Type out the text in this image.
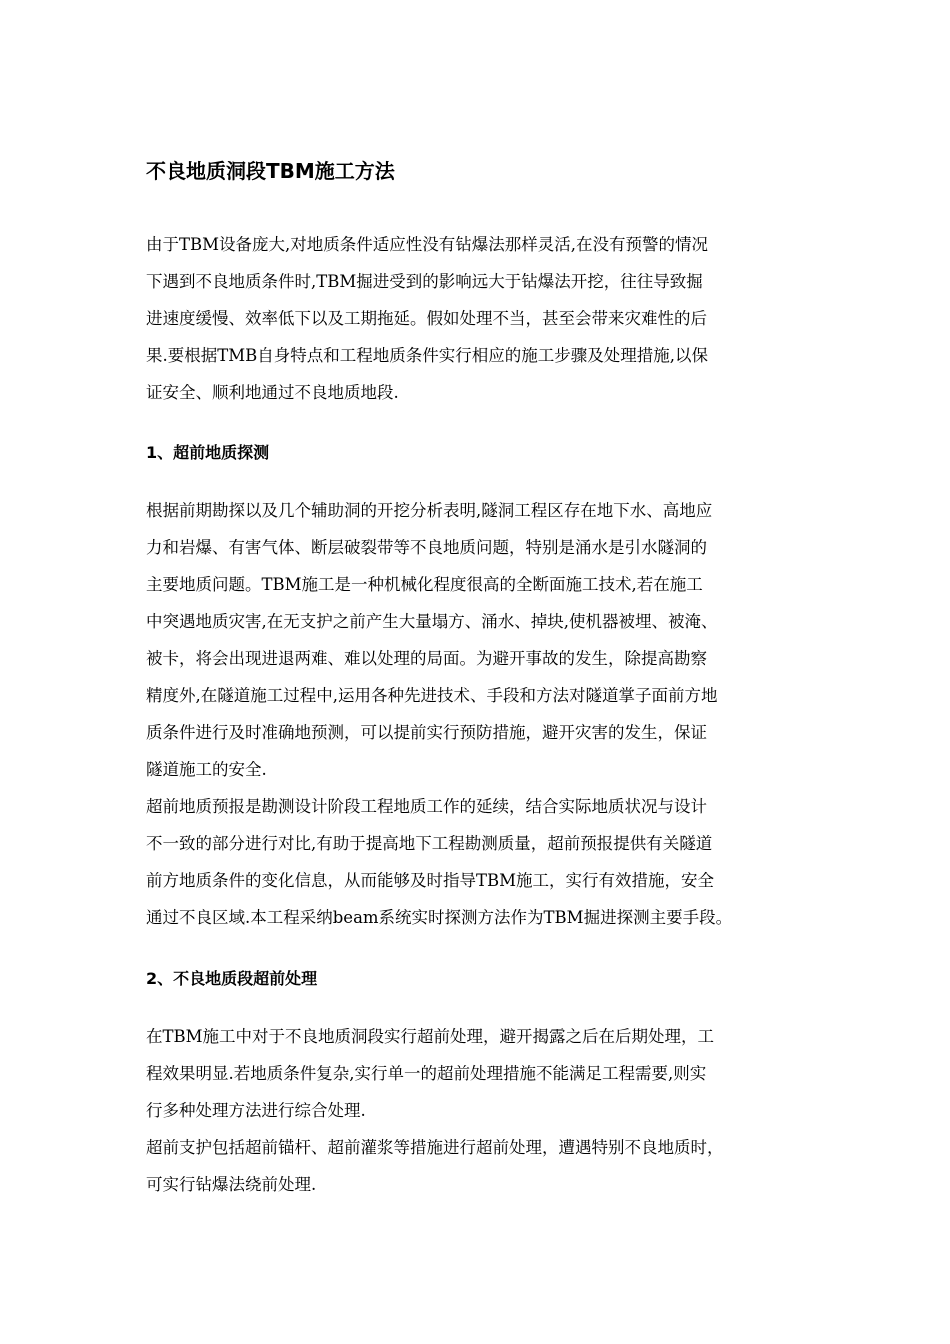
不良地质洞段TBM施工方法
由于TBM设备庞大,对地质条件适应性没有钻爆法那样灵活,在没有预警的情况
下遇到不良地质条件时,TBM掘进受到的影响远大于钻爆法开挖，往往导致掘
进速度缓慢、效率低下以及工期拖延。假如处理不当，甚至会带来灾难性的后
果.要根据TMB自身特点和工程地质条件实行相应的施工步骤及处理措施,以保
证安全、顺利地通过不良地质地段.
1、超前地质探测
根据前期勘探以及几个辅助洞的开挖分析表明,隧洞工程区存在地下水、高地应
力和岩爆、有害气体、断层破裂带等不良地质问题，特别是涌水是引水隧洞的
主要地质问题。TBM施工是一种机械化程度很高的全断面施工技术,若在施工
中突遇地质灾害,在无支护之前产生大量塌方、涌水、掉块,使机器被埋、被淹、
被卡，将会出现进退两难、难以处理的局面。为避开事故的发生，除提高勘察
精度外,在隧道施工过程中,运用各种先进技术、手段和方法对隧道掌子面前方地
质条件进行及时准确地预测，可以提前实行预防措施，避开灾害的发生，保证
隧道施工的安全.
超前地质预报是勘测设计阶段工程地质工作的延续，结合实际地质状况与设计
不一致的部分进行对比,有助于提高地下工程勘测质量，超前预报提供有关隧道
前方地质条件的变化信息，从而能够及时指导TBM施工，实行有效措施，安全
通过不良区域.本工程采纳beam系统实时探测方法作为TBM掘进探测主要手段。
2、不良地质段超前处理
在TBM施工中对于不良地质洞段实行超前处理，避开揭露之后在后期处理，工
程效果明显.若地质条件复杂,实行单一的超前处理措施不能满足工程需要,则实
行多种处理方法进行综合处理.
超前支护包括超前锚杆、超前灌浆等措施进行超前处理，遭遇特别不良地质时，
可实行钻爆法绕前处理.
